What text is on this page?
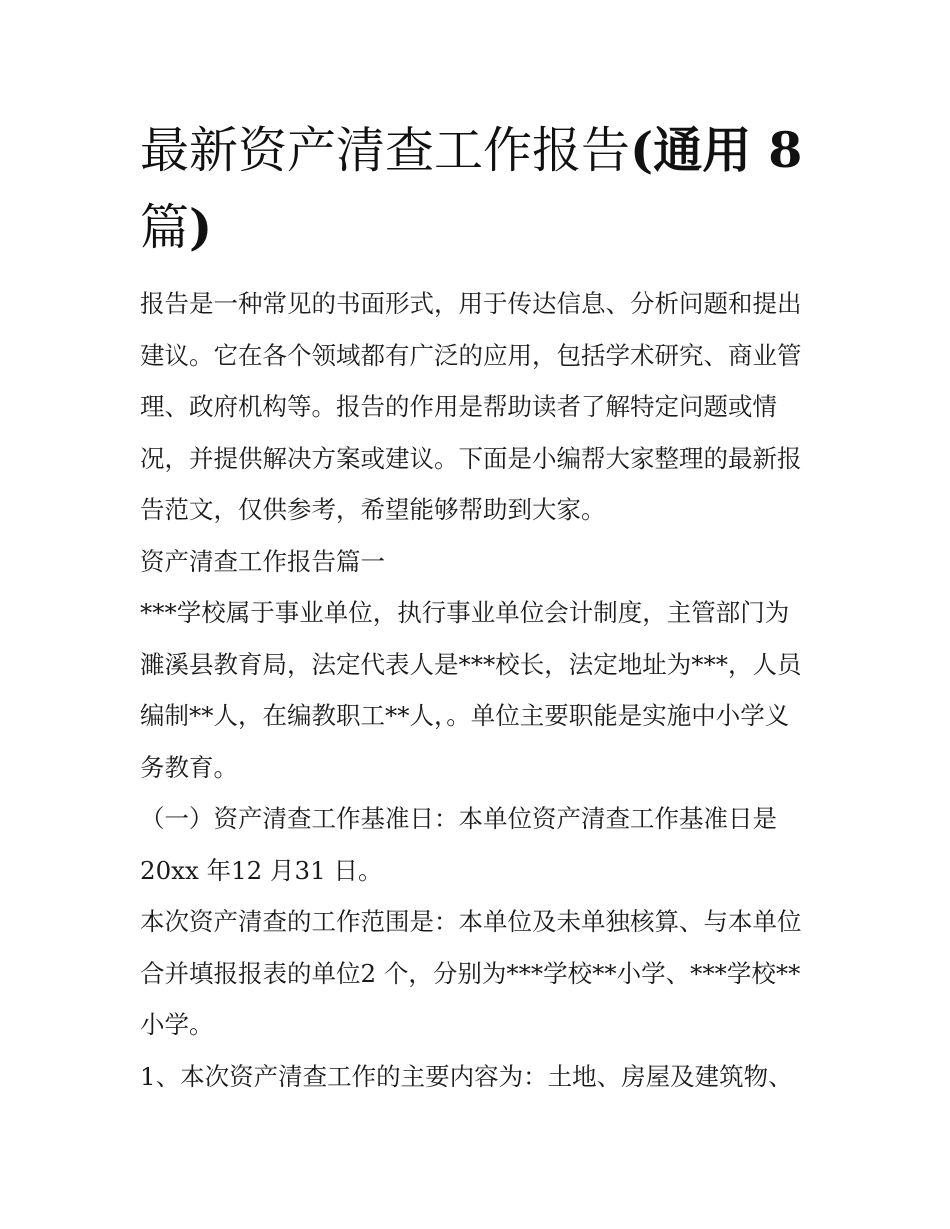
最新资产清查工作报告(通用 8
篇)

报告是一种常见的书面形式，用于传达信息、分析问题和提出建议。它在各个领域都有广泛的应用，包括学术研究、商业管理、政府机构等。报告的作用是帮助读者了解特定问题或情况，并提供解决方案或建议。下面是小编帮大家整理的最新报告范文，仅供参考，希望能够帮助到大家。

资产清查工作报告篇一

***学校属于事业单位，执行事业单位会计制度，主管部门为濉溪县教育局，法定代表人是***校长，法定地址为***，人员编制**人，在编教职工**人，。单位主要职能是实施中小学义务教育。

（一）资产清查工作基准日：本单位资产清查工作基准日是20xx 年12 月31 日。

本次资产清查的工作范围是：本单位及未单独核算、与本单位合并填报报表的单位2 个，分别为***学校**小学、***学校**小学。

1、本次资产清查工作的主要内容为：土地、房屋及建筑物、
